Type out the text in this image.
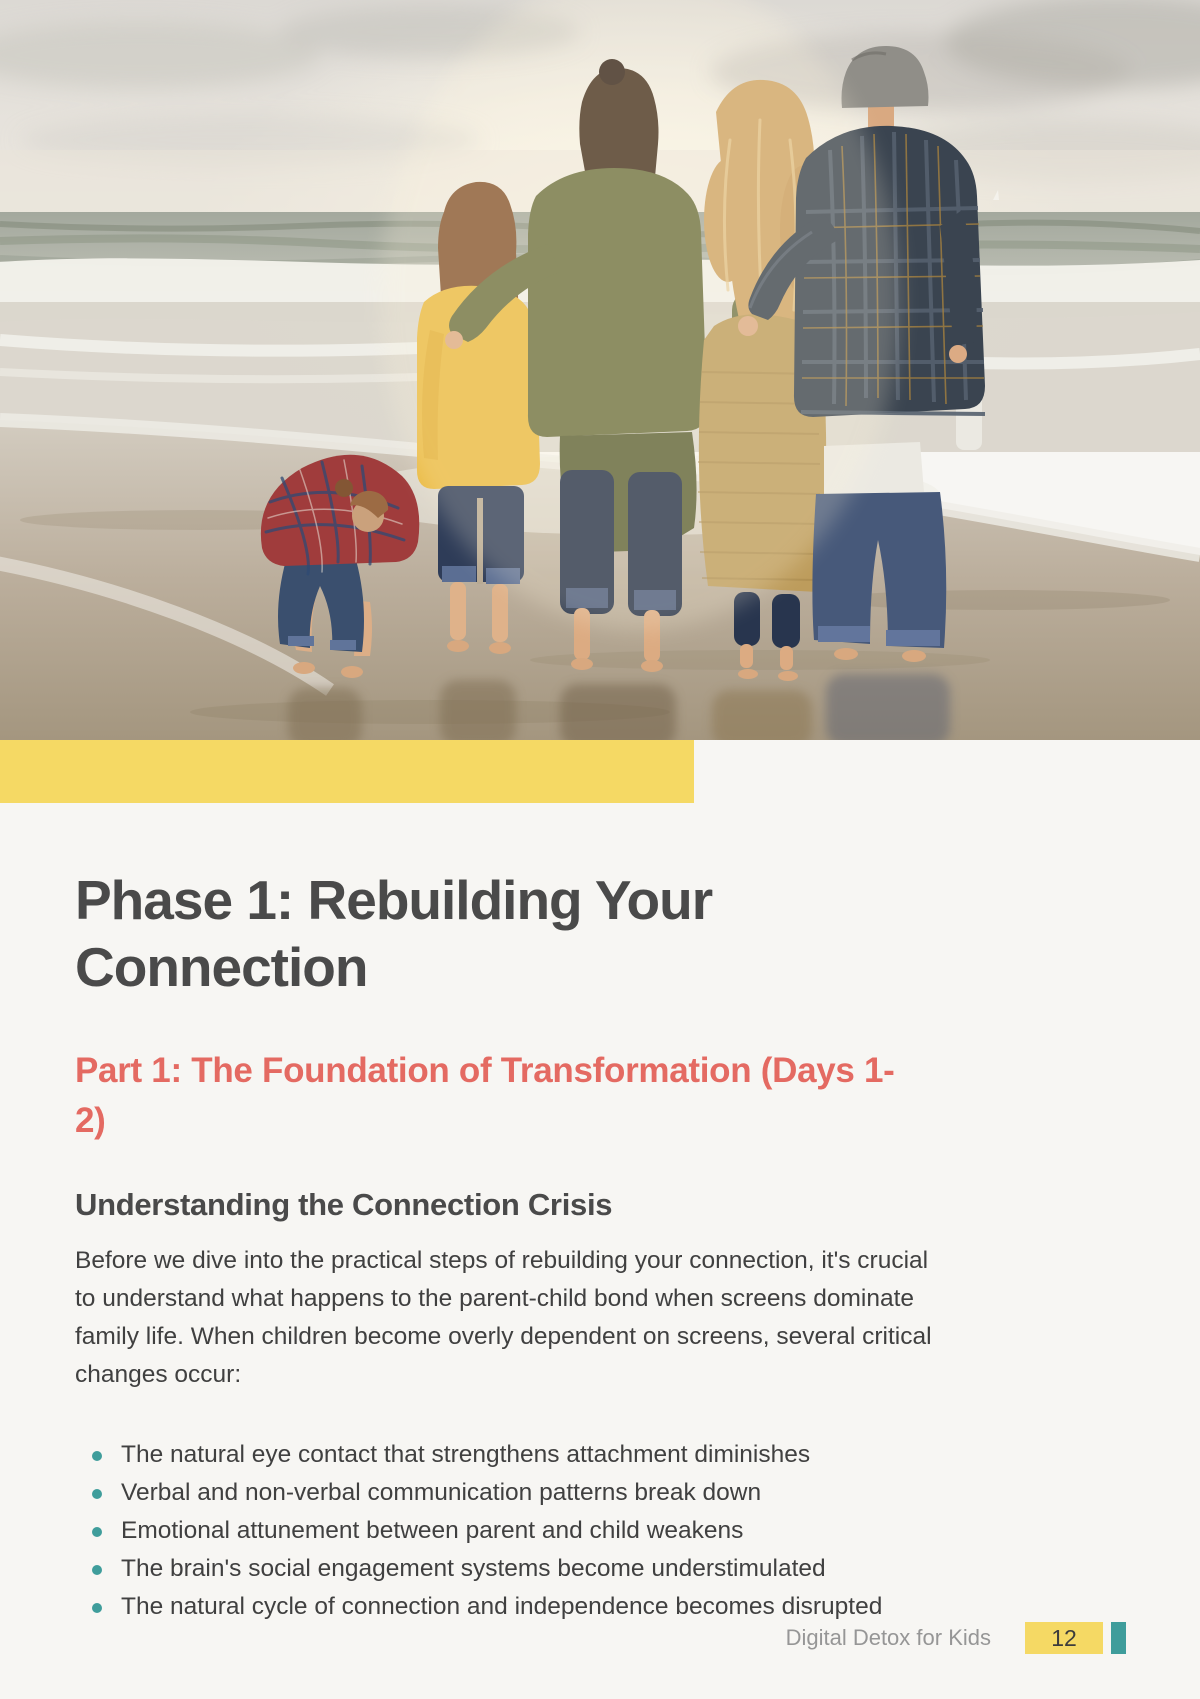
Phase 1: Rebuilding Your
Connection
Part 1: The Foundation of Transformation (Days 1-
2)
Understanding the Connection Crisis

Before we dive into the practical steps of rebuilding your connection, it's crucial
to understand what happens to the parent-child bond when screens dominate
family life. When children become overly dependent on screens, several critical
changes occur:

The natural eye contact that strengthens attachment diminishes
Verbal and non-verbal communication patterns break down
Emotional attunement between parent and child weakens
The brain's social engagement systems become understimulated
The natural cycle of connection and independence becomes disrupted
Digital Detox for Kids	12
